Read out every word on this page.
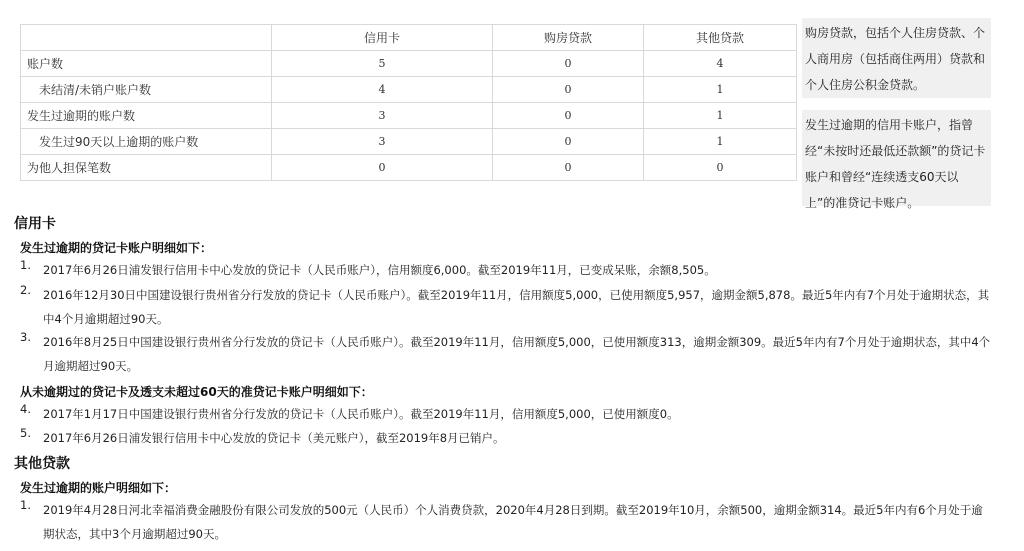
	信用卡	购房贷款	其他贷款
账户数	5	0	4
未结清/未销户账户数	4	0	1
发生过逾期的账户数	3	0	1
发生过90天以上逾期的账户数	3	0	1
为他人担保笔数	0	0	0
购房贷款，包括个人住房贷款、个人商用房（包括商住两用）贷款和个人住房公积金贷款。
发生过逾期的信用卡账户，指曾经“未按时还最低还款额”的贷记卡账户和曾经“连续透支60天以上”的准贷记卡账户。
信用卡
发生过逾期的贷记卡账户明细如下：
1.	2017年6月26日浦发银行信用卡中心发放的贷记卡（人民币账户），信用额度6,000。截至2019年11月，已变成呆账，余额8,505。
2.	2016年12月30日中国建设银行贵州省分行发放的贷记卡（人民币账户）。截至2019年11月，信用额度5,000，已使用额度5,957，逾期金额5,878。最近5年内有7个月处于逾期状态，其中4个月逾期超过90天。
3.	2016年8月25日中国建设银行贵州省分行发放的贷记卡（人民币账户）。截至2019年11月，信用额度5,000，已使用额度313，逾期金额309。最近5年内有7个月处于逾期状态，其中4个月逾期超过90天。
从未逾期过的贷记卡及透支未超过60天的准贷记卡账户明细如下：
4.	2017年1月17日中国建设银行贵州省分行发放的贷记卡（人民币账户）。截至2019年11月，信用额度5,000，已使用额度0。
5.	2017年6月26日浦发银行信用卡中心发放的贷记卡（美元账户），截至2019年8月已销户。
其他贷款
发生过逾期的账户明细如下：
1.	2019年4月28日河北幸福消费金融股份有限公司发放的500元（人民币）个人消费贷款，2020年4月28日到期。截至2019年10月，余额500，逾期金额314。最近5年内有6个月处于逾期状态，其中3个月逾期超过90天。
